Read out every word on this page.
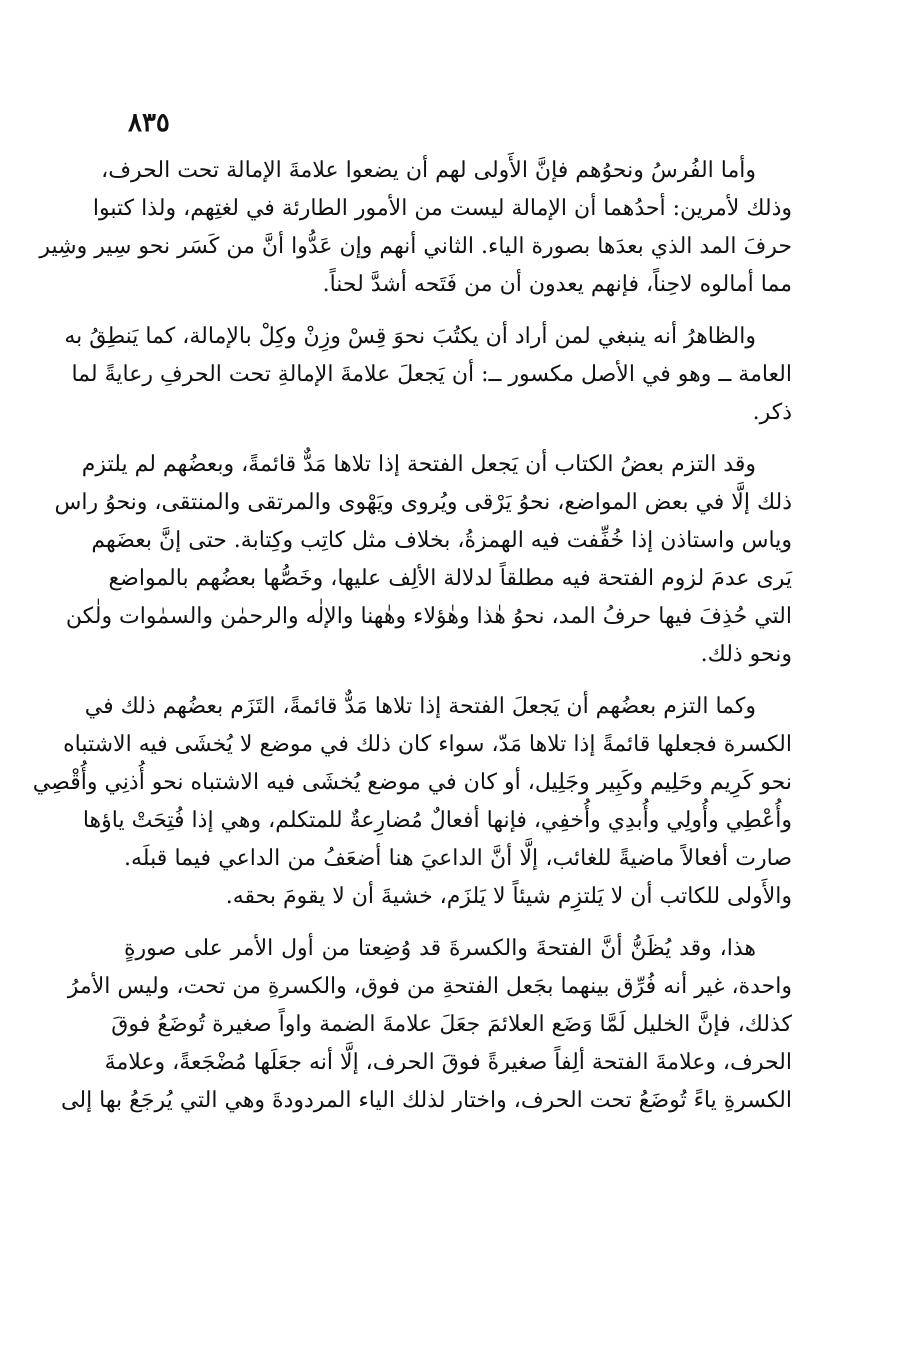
٨٣٥
وأما الفُرسُ ونحوُهم فإنَّ الأَولى لهم أن يضعوا علامةَ الإمالة تحت الحرف،
وذلك لأمرين: أحدُهما أن الإمالة ليست من الأمور الطارئة في لغتِهم، ولذا كتبوا
حرفَ المد الذي بعدَها بصورة الياء. الثاني أنهم وإن عَدُّوا أنَّ من كَسَر نحو سِير وشِير
مما أمالوه لاحِناً، فإنهم يعدون أن من فَتَحه أشدَّ لحناً.
والظاهرُ أنه ينبغي لمن أراد أن يكتُبَ نحوَ قِسْ وزِنْ وكِلْ بالإمالة، كما يَنطِقُ به
العامة ــ وهو في الأصل مكسور ــ: أن يَجعلَ علامةَ الإمالةِ تحت الحرفِ رعايةً لما
ذكر.
وقد التزم بعضُ الكتاب أن يَجعل الفتحة إذا تلاها مَدٌّ قائمةً، وبعضُهم لم يلتزم
ذلك إلَّا في بعض المواضع، نحوُ يَرْقى ويُروى ويَهْوى والمرتقى والمنتقى، ونحوُ راس
وياس واستاذن إذا خُفِّفت فيه الهمزةُ، بخلاف مثل كاتِب وكِتابة. حتى إنَّ بعضَهم
يَرى عدمَ لزوم الفتحة فيه مطلقاً لدلالة الألِف عليها، وخَصُّها بعضُهم بالمواضع
التي حُذِفَ فيها حرفُ المد، نحوُ هٰذا وهٰؤلاء وهٰهنا والإلٰه والرحمٰن والسمٰوات ولٰكن
ونحو ذلك.
وكما التزم بعضُهم أن يَجعلَ الفتحة إذا تلاها مَدٌّ قائمةً، التَزَم بعضُهم ذلك في
الكسرة فجعلها قائمةً إذا تلاها مَدّ، سواء كان ذلك في موضع لا يُخشَى فيه الاشتباه
نحو كَرِيم وحَلِيم وكَبِير وجَلِيل، أو كان في موضع يُخشَى فيه الاشتباه نحو أُذنِي وأُقْصِي
وأُعْطِي وأُولِي وأُبدِي وأُخفِي، فإنها أفعالٌ مُضارِعةٌ للمتكلم، وهي إذا فُتِحَتْ ياؤها
صارت أفعالاً ماضيةً للغائب، إلَّا أنَّ الداعيَ هنا أضعَفُ من الداعي فيما قبلَه.
والأَولى للكاتب أن لا يَلتزِم شيئاً لا يَلزَم، خشيةَ أن لا يقومَ بحقه.
هذا، وقد يُظَنُّ أنَّ الفتحةَ والكسرةَ قد وُضِعتا من أول الأمر على صورةٍ
واحدة، غير أنه فُرِّق بينهما بجَعل الفتحةِ من فوق، والكسرةِ من تحت، وليس الأمرُ
كذلك، فإنَّ الخليل لَمَّا وَضَع العلائمَ جعَلَ علامةَ الضمة واواً صغيرة تُوضَعُ فوقَ
الحرف، وعلامةَ الفتحة ألِفاً صغيرةً فوقَ الحرف، إلَّا أنه جعَلَها مُضْجَعةً، وعلامةَ
الكسرةِ ياءً تُوضَعُ تحت الحرف، واختار لذلك الياء المردودةَ وهي التي يُرجَعُ بها إلى
